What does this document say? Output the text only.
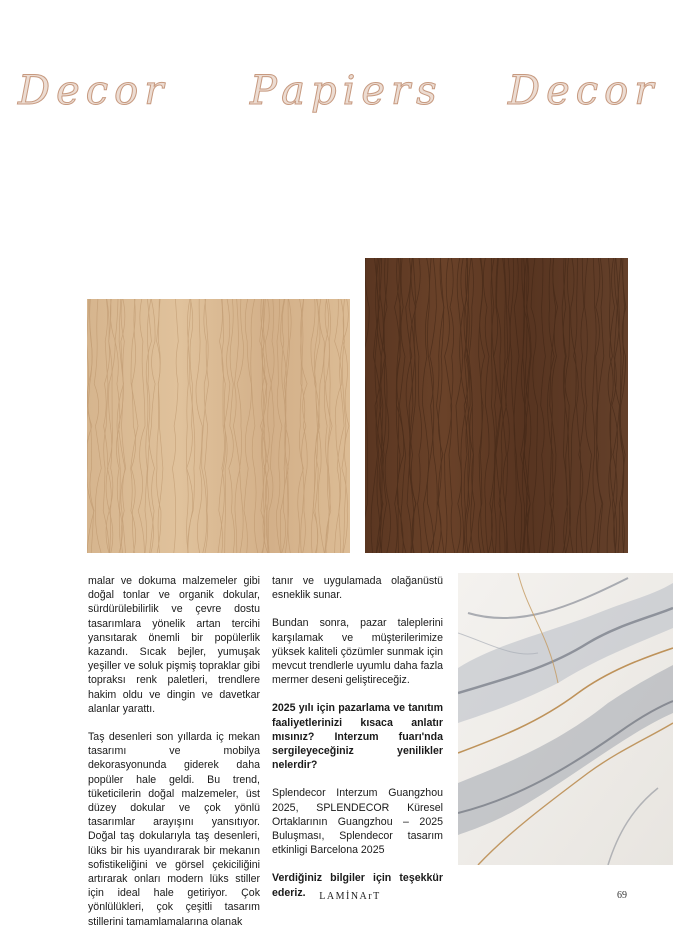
Decor Papiers Decor

malar ve dokuma malzemeler gibi doğal tonlar ve organik dokular, sürdürülebilirlik ve çevre dostu tasarımlara yönelik artan tercihi yansıtarak önemli bir popülerlik kazandı. Sıcak bejler, yumuşak yeşiller ve soluk pişmiş topraklar gibi topraksı renk paletleri, trendlere hakim oldu ve dingin ve davetkar alanlar yarattı.

Taş desenleri son yıllarda iç mekan tasarımı ve mobilya dekorasyonunda giderek daha popüler hale geldi. Bu trend, tüketicilerin doğal malzemeler, üst düzey dokular ve çok yönlü tasarımlar arayışını yansıtıyor. Doğal taş dokularıyla taş desenleri, lüks bir his uyandırarak bir mekanın sofistikeliğini ve görsel çekiciliğini artırarak onları modern lüks stiller için ideal hale getiriyor. Çok yönlülükleri, çok çeşitli tasarım stillerini tamamlamalarına olanak

tanır ve uygulamada olağanüstü esneklik sunar.

Bundan sonra, pazar taleplerini karşılamak ve müşterilerimize yüksek kaliteli çözümler sunmak için mevcut trendlerle uyumlu daha fazla mermer deseni geliştireceğiz.

2025 yılı için pazarlama ve tanıtım faaliyetlerinizi kısaca anlatır mısınız? Interzum fuarı'nda sergileyeceğiniz yenilikler nelerdir?

Splendecor Interzum Guangzhou 2025, SPLENDECOR Küresel Ortaklarının Guangzhou – 2025 Buluşması, Splendecor tasarım etkinligi Barcelona 2025

Verdiğiniz bilgiler için teşekkür ederiz.	LAMİNArT	69
